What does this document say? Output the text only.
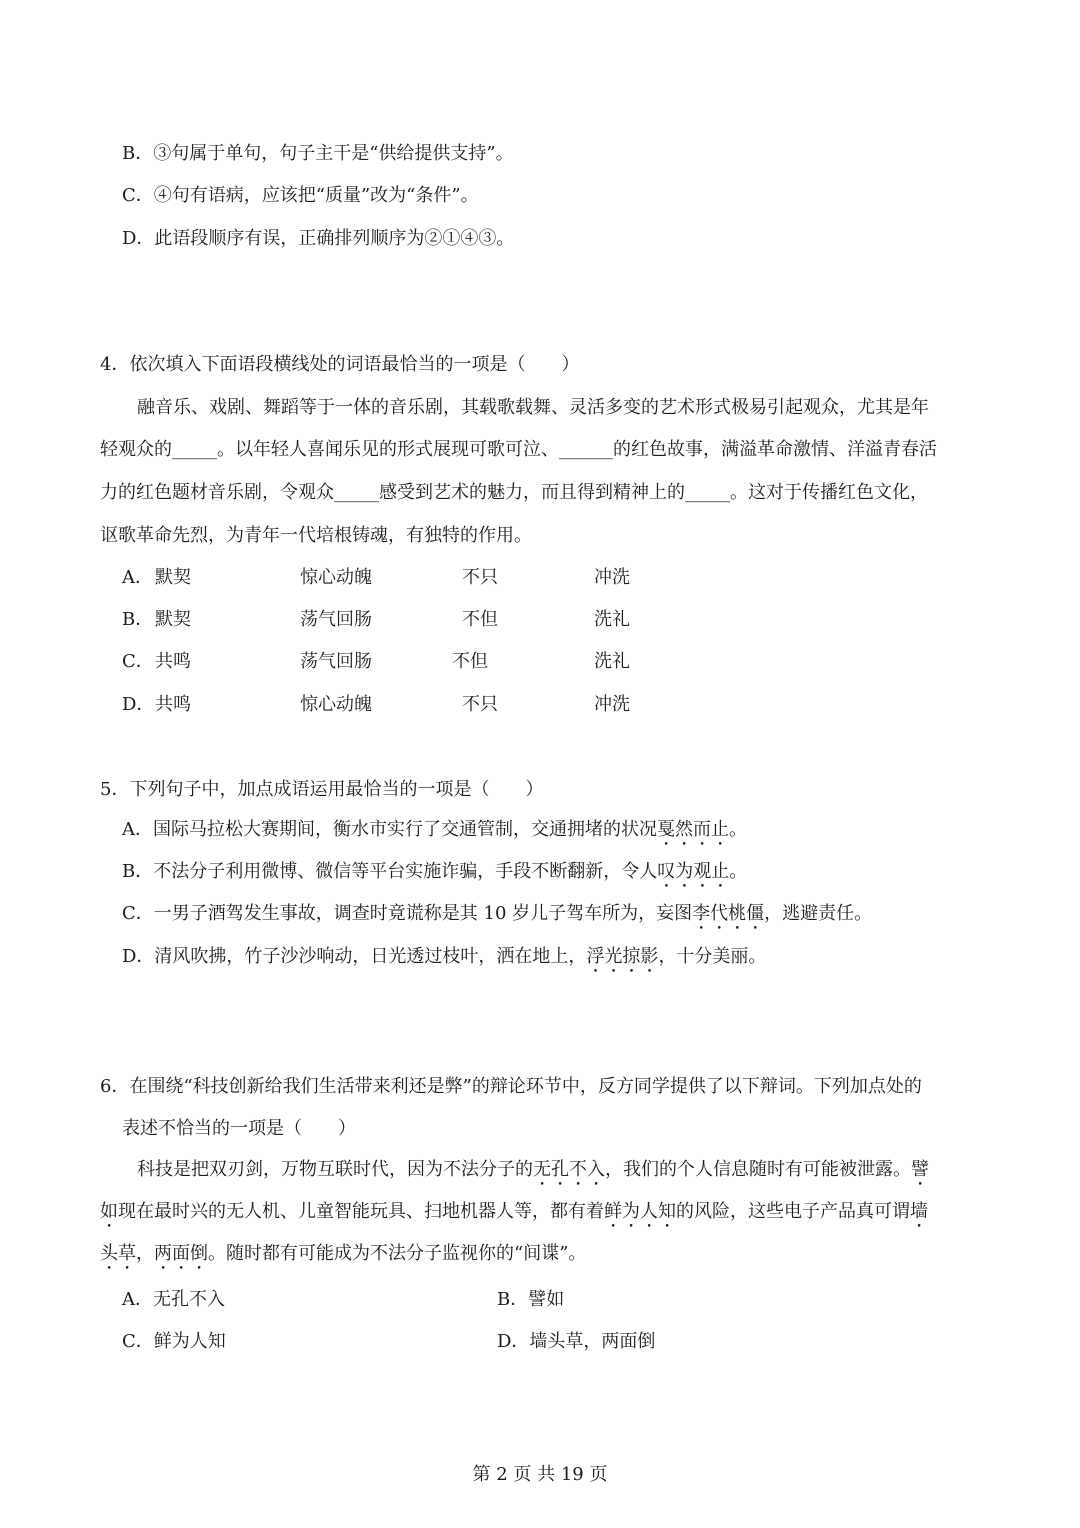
B．③句属于单句，句子主干是“供给提供支持”。
C．④句有语病，应该把“质量”改为“条件”。
D．此语段顺序有误，正确排列顺序为②①④③。
4．依次填入下面语段横线处的词语最恰当的一项是（　　）
融音乐、戏剧、舞蹈等于一体的音乐剧，其载歌载舞、灵活多变的艺术形式极易引起观众，尤其是年
轻观众的_____。以年轻人喜闻乐见的形式展现可歌可泣、______的红色故事，满溢革命激情、洋溢青春活
力的红色题材音乐剧，令观众_____感受到艺术的魅力，而且得到精神上的_____。这对于传播红色文化，
讴歌革命先烈，为青年一代培根铸魂，有独特的作用。
A． 默契	惊心动魄	不只	冲洗
B． 默契	荡气回肠	不但	洗礼
C． 共鸣	荡气回肠	不但	洗礼
D． 共鸣	惊心动魄	不只	冲洗
5．下列句子中，加点成语运用最恰当的一项是（　　）
A．国际马拉松大赛期间，衡水市实行了交通管制，交通拥堵的状况戛然而止。
B．不法分子利用微博、微信等平台实施诈骗，手段不断翻新，令人叹为观止。
C．一男子酒驾发生事故，调查时竟谎称是其 10 岁儿子驾车所为，妄图李代桃僵，逃避责任。
D．清风吹拂，竹子沙沙响动，日光透过枝叶，洒在地上，浮光掠影，十分美丽。
6．在围绕“科技创新给我们生活带来利还是弊”的辩论环节中，反方同学提供了以下辩词。下列加点处的
表述不恰当的一项是（　　）
科技是把双刃剑，万物互联时代，因为不法分子的无孔不入，我们的个人信息随时有可能被泄露。譬
如现在最时兴的无人机、儿童智能玩具、扫地机器人等，都有着鲜为人知的风险，这些电子产品真可谓墙
头草，两面倒。随时都有可能成为不法分子监视你的“间谍”。
A．无孔不入	B．譬如
C．鲜为人知	D．墙头草，两面倒
第 2 页 共 19 页
